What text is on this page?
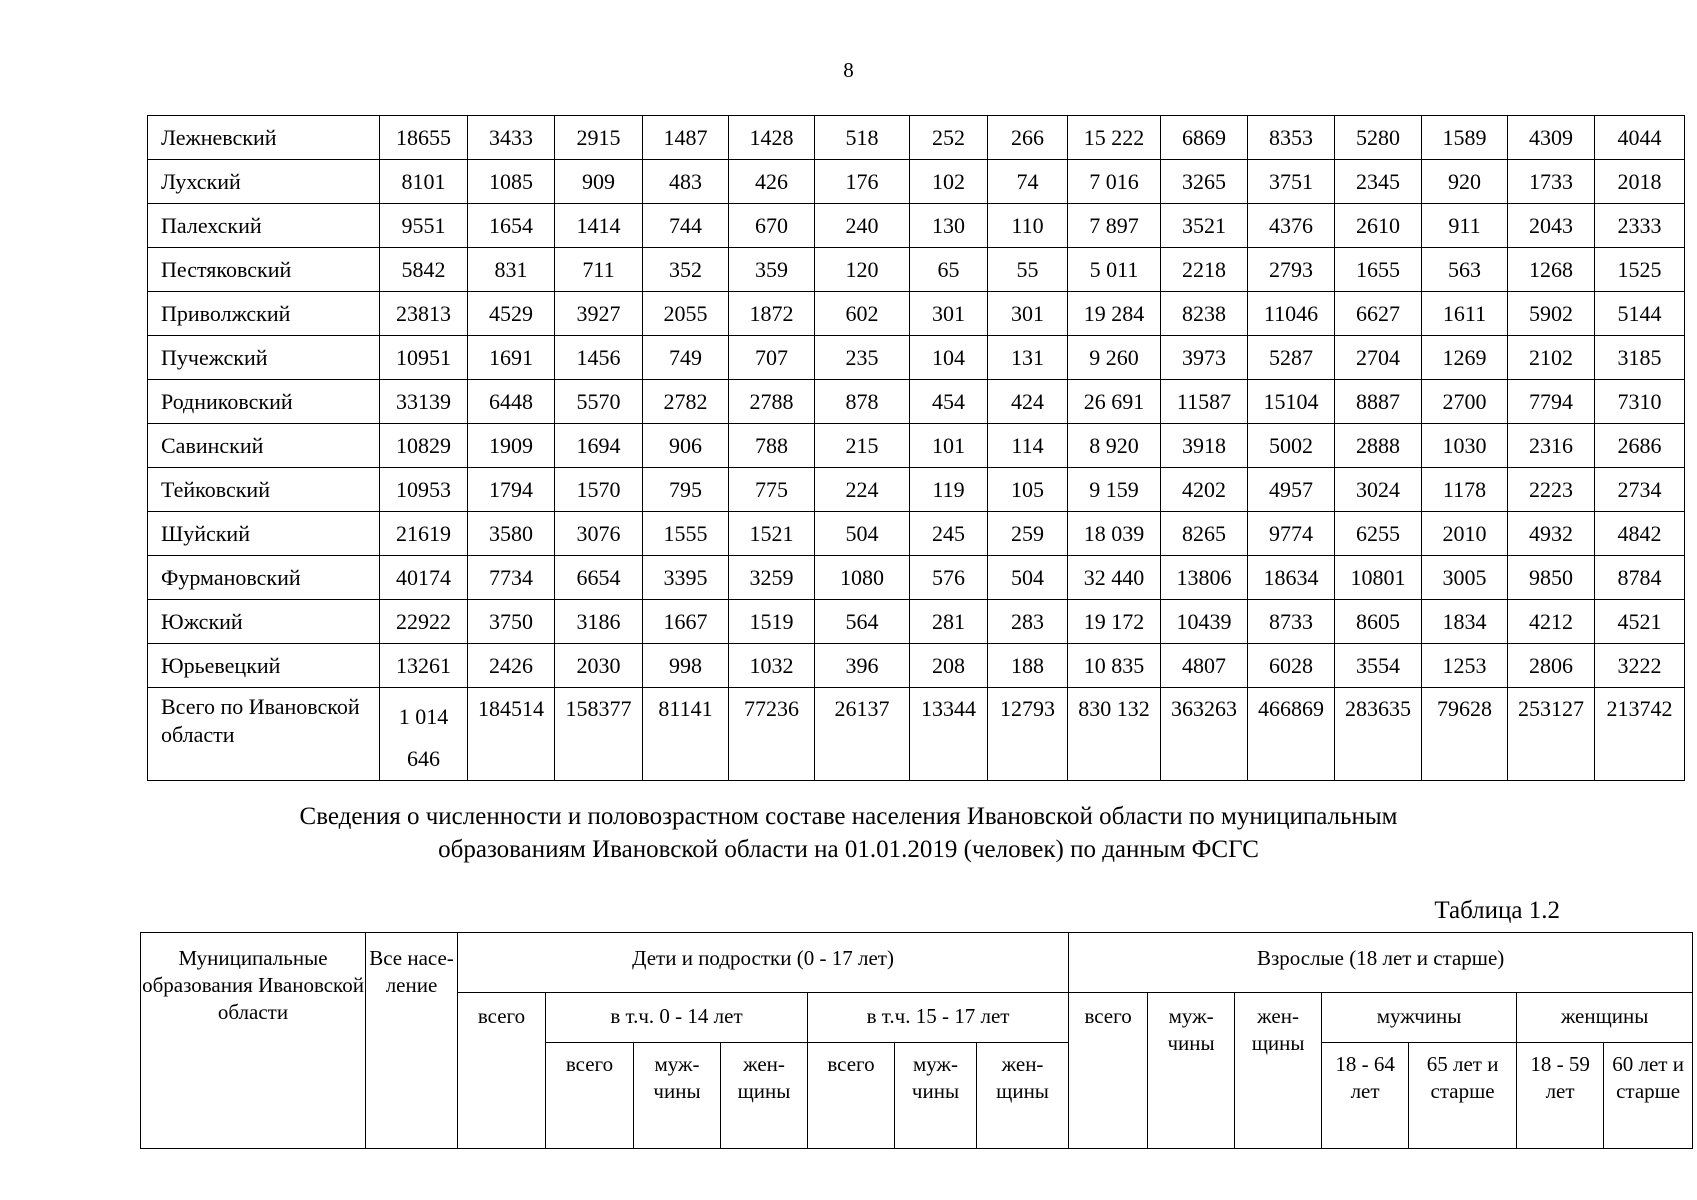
8
Лежневский	18655	3433	2915	1487	1428	518	252	266	15 222	6869	8353	5280	1589	4309	4044
Лухский	8101	1085	909	483	426	176	102	74	7 016	3265	3751	2345	920	1733	2018
Палехский	9551	1654	1414	744	670	240	130	110	7 897	3521	4376	2610	911	2043	2333
Пестяковский	5842	831	711	352	359	120	65	55	5 011	2218	2793	1655	563	1268	1525
Приволжский	23813	4529	3927	2055	1872	602	301	301	19 284	8238	11046	6627	1611	5902	5144
Пучежский	10951	1691	1456	749	707	235	104	131	9 260	3973	5287	2704	1269	2102	3185
Родниковский	33139	6448	5570	2782	2788	878	454	424	26 691	11587	15104	8887	2700	7794	7310
Савинский	10829	1909	1694	906	788	215	101	114	8 920	3918	5002	2888	1030	2316	2686
Тейковский	10953	1794	1570	795	775	224	119	105	9 159	4202	4957	3024	1178	2223	2734
Шуйский	21619	3580	3076	1555	1521	504	245	259	18 039	8265	9774	6255	2010	4932	4842
Фурмановский	40174	7734	6654	3395	3259	1080	576	504	32 440	13806	18634	10801	3005	9850	8784
Южский	22922	3750	3186	1667	1519	564	281	283	19 172	10439	8733	8605	1834	4212	4521
Юрьевецкий	13261	2426	2030	998	1032	396	208	188	10 835	4807	6028	3554	1253	2806	3222
Всего по Ивановской области	1 014 646	184514	158377	81141	77236	26137	13344	12793	830 132	363263	466869	283635	79628	253127	213742
Сведения о численности и половозрастном составе населения Ивановской области по муниципальным
образованиям Ивановской области на 01.01.2019 (человек) по данным ФСГС
Таблица 1.2
Муниципальные образования Ивановской области	Все насе-ление	Дети и подростки (0 - 17 лет)							Взрослые (18 лет и старше)						
		всего	в т.ч. 0 - 14 лет			в т.ч. 15 - 17 лет			всего	муж-чины	жен-щины	мужчины		женщины	
			всего	муж-чины	жен-щины	всего	муж-чины	жен-щины				18 - 64 лет	65 лет и старше	18 - 59 лет	60 лет и старше
